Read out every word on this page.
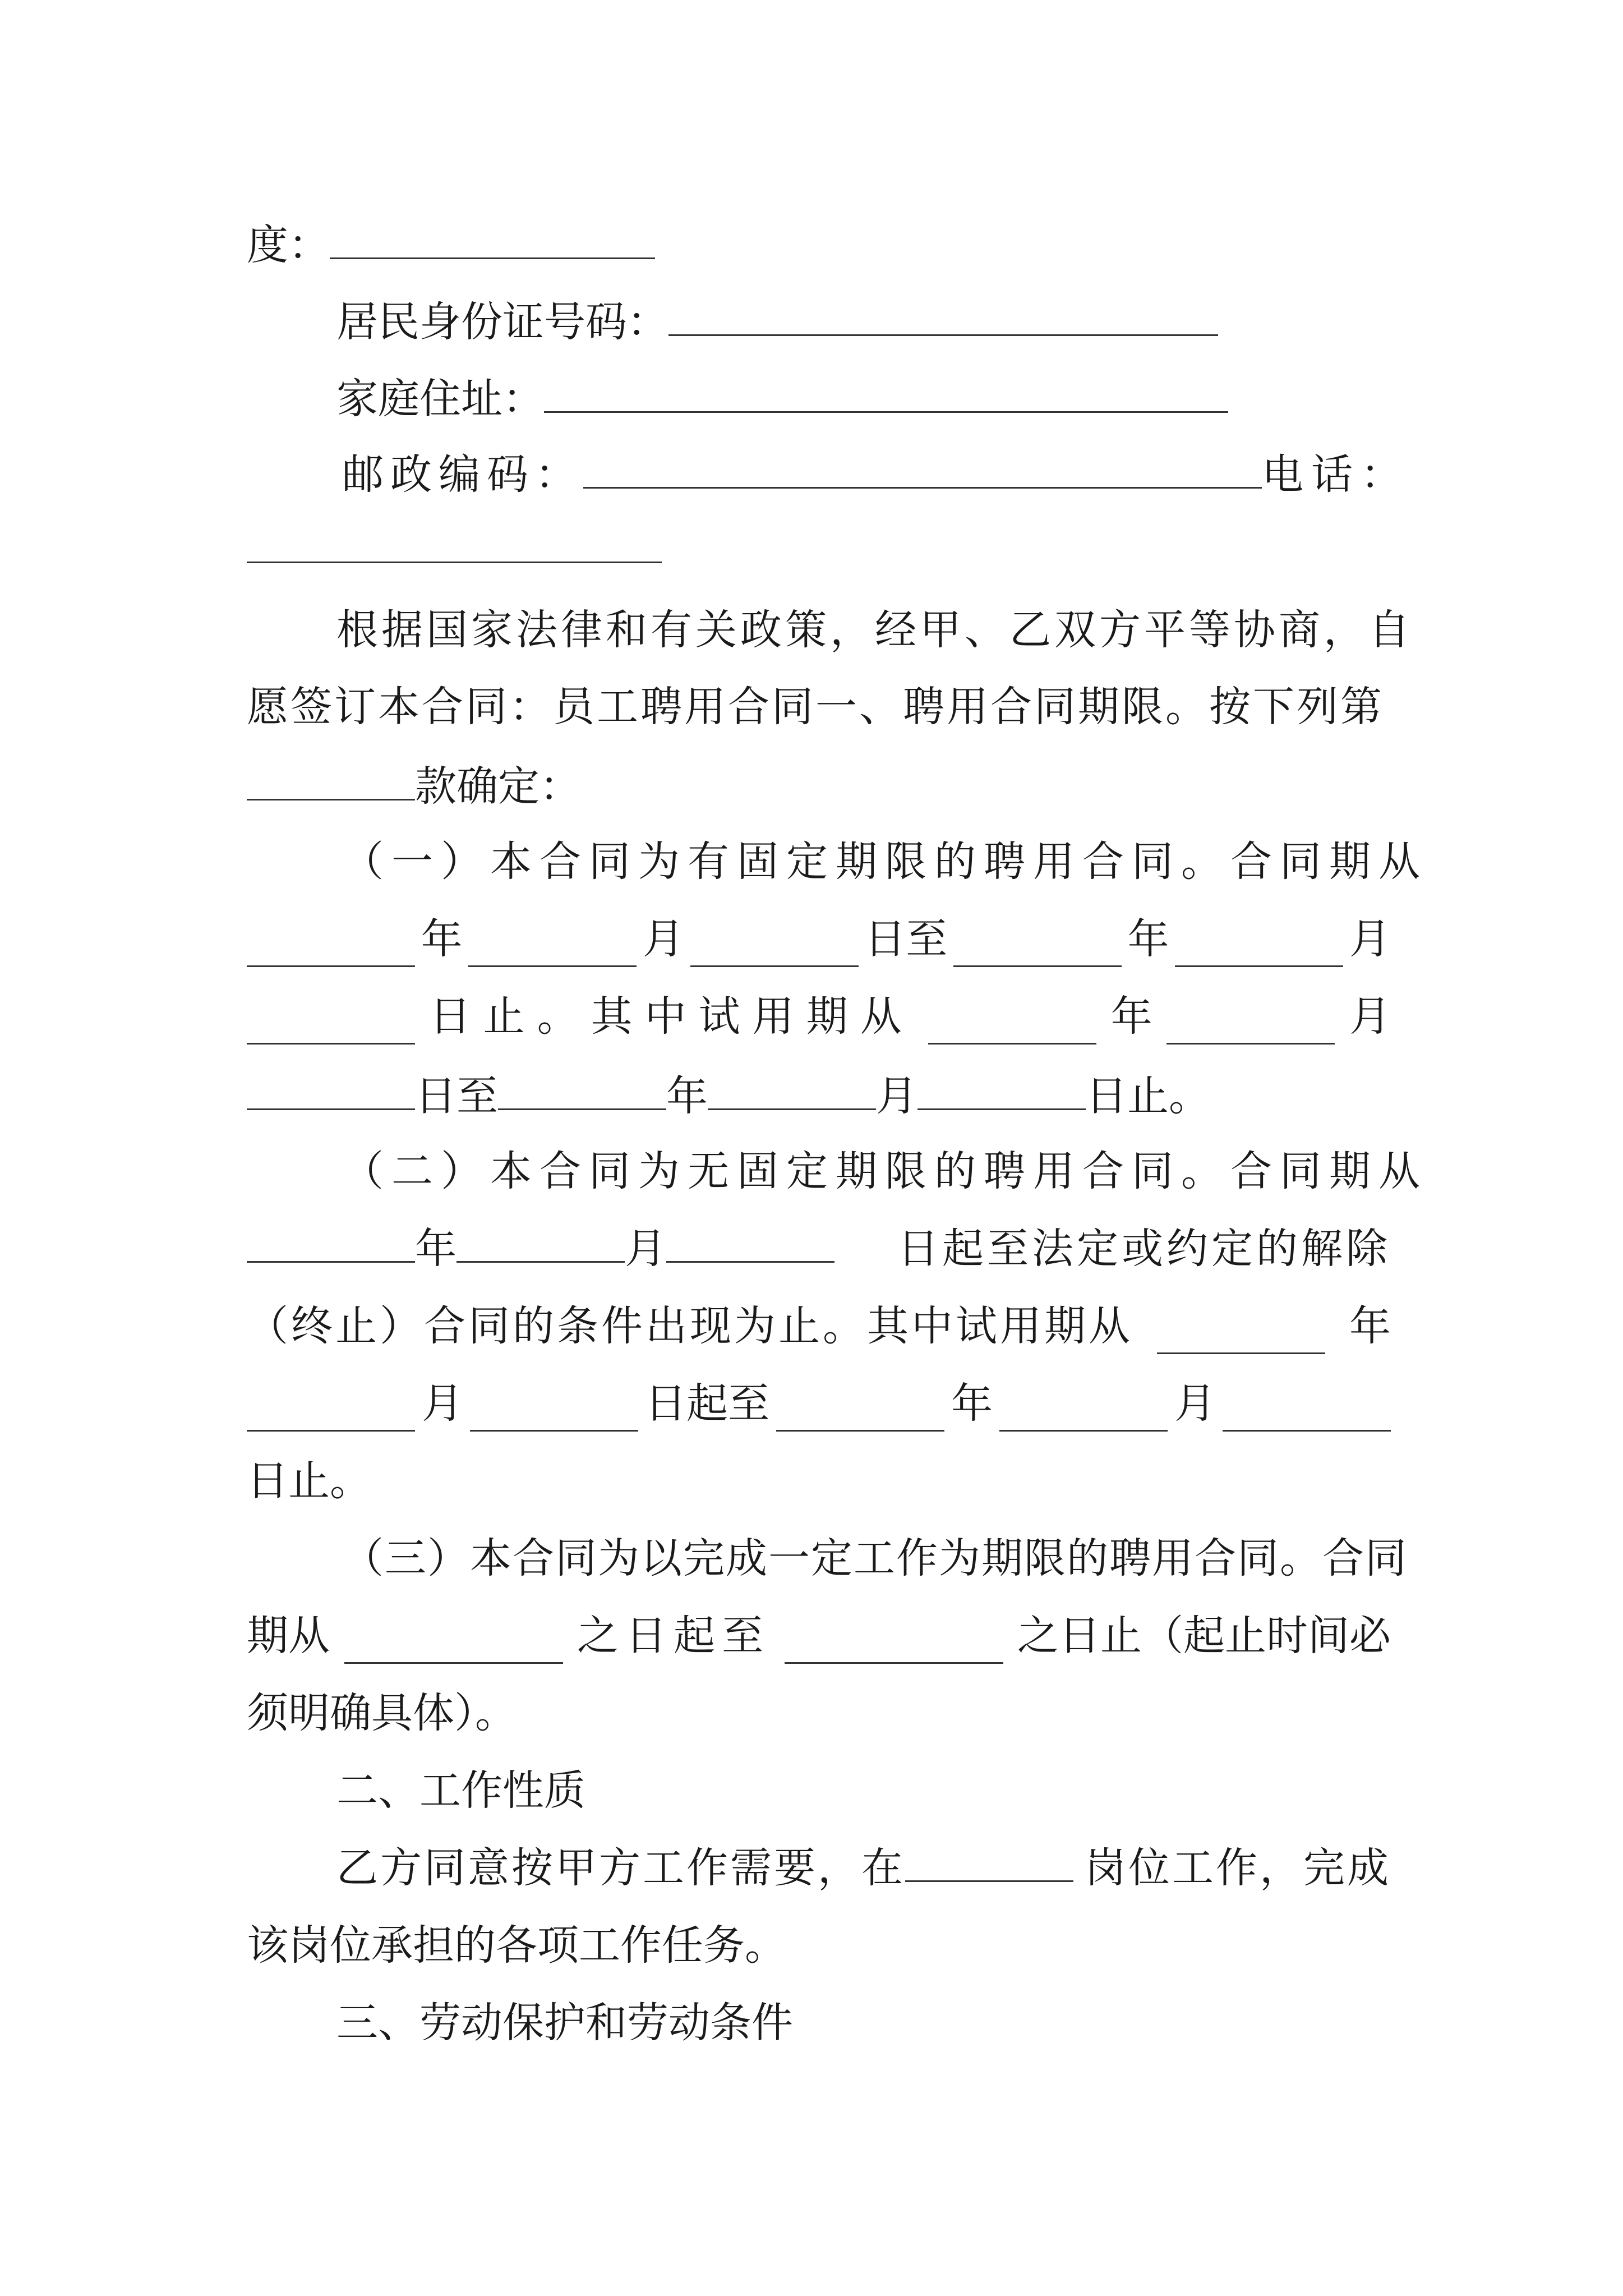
度：
居民身份证号码：
家庭住址：
邮政编码：	电话：
根据国家法律和有关政策，经甲、乙双方平等协商，自
愿签订本合同：员工聘用合同一、聘用合同期限。按下列第
款确定：
（一）本合同为有固定期限的聘用合同。合同期从
年	月	日至	年	月
日止。其中试用期从	年	月
日至	年	月	日止。
（二）本合同为无固定期限的聘用合同。合同期从
年	月	日起至法定或约定的解除
（终止）合同的条件出现为止。其中试用期从	年
月	日起至	年	月
日止。
（三）本合同为以完成一定工作为期限的聘用合同。合同
期从	之日起至	之日止（起止时间必
须明确具体）。
二、工作性质
乙方同意按甲方工作需要，在	岗位工作，完成
该岗位承担的各项工作任务。
三、劳动保护和劳动条件
